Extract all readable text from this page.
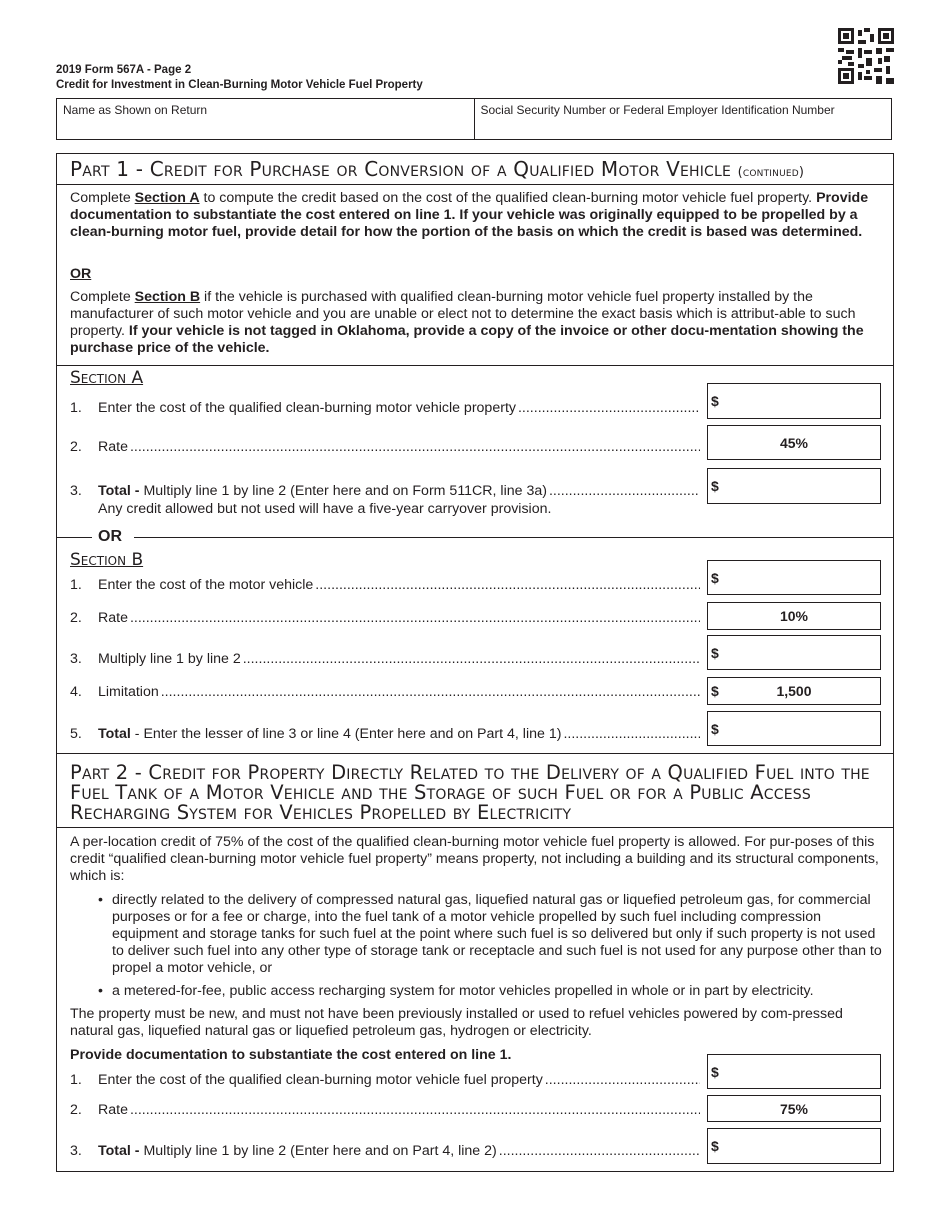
2019 Form 567A - Page 2
Credit for Investment in Clean-Burning Motor Vehicle Fuel Property
Name as Shown on Return	Social Security Number or Federal Employer Identification Number
Part 1 - Credit for Purchase or Conversion of a Qualified Motor Vehicle (continued)
Complete Section A to compute the credit based on the cost of the qualified clean-burning motor vehicle fuel property. Provide documentation to substantiate the cost entered on line 1. If your vehicle was originally equipped to be propelled by a clean-burning motor fuel, provide detail for how the portion of the basis on which the credit is based was determined.
OR
Complete Section B if the vehicle is purchased with qualified clean-burning motor vehicle fuel property installed by the manufacturer of such motor vehicle and you are unable or elect not to determine the exact basis which is attribut-able to such property. If your vehicle is not tagged in Oklahoma, provide a copy of the invoice or other docu-mentation showing the purchase price of the vehicle.
Section A
1.	Enter the cost of the qualified clean-burning motor vehicle property .....	$
2.	Rate .....	45%
3.	Total - Multiply line 1 by line 2 (Enter here and on Form 511CR, line 3a) .....	$
Any credit allowed but not used will have a five-year carryover provision.
OR
Section B
1.	Enter the cost of the motor vehicle .....	$
2.	Rate .....	10%
3.	Multiply line 1 by line 2 .....	$
4.	Limitation .....	$	1,500
5.	Total - Enter the lesser of line 3 or line 4 (Enter here and on Part 4, line 1) .....	$
Part 2 - Credit for Property Directly Related to the Delivery of a Qualified Fuel into the Fuel Tank of a Motor Vehicle and the Storage of such Fuel or for a Public Access Recharging System for Vehicles Propelled by Electricity
A per-location credit of 75% of the cost of the qualified clean-burning motor vehicle fuel property is allowed. For pur-poses of this credit “qualified clean-burning motor vehicle fuel property” means property, not including a building and its structural components, which is:
• directly related to the delivery of compressed natural gas, liquefied natural gas or liquefied petroleum gas, for commercial purposes or for a fee or charge, into the fuel tank of a motor vehicle propelled by such fuel including compression equipment and storage tanks for such fuel at the point where such fuel is so delivered but only if such property is not used to deliver such fuel into any other type of storage tank or receptacle and such fuel is not used for any purpose other than to propel a motor vehicle, or
• a metered-for-fee, public access recharging system for motor vehicles propelled in whole or in part by electricity.
The property must be new, and must not have been previously installed or used to refuel vehicles powered by com-pressed natural gas, liquefied natural gas or liquefied petroleum gas, hydrogen or electricity.
Provide documentation to substantiate the cost entered on line 1.
1.	Enter the cost of the qualified clean-burning motor vehicle fuel property
.....
$
2.	Rate .....	75%
3.	Total - Multiply line 1 by line 2 (Enter here and on Part 4, line 2) .....	$
